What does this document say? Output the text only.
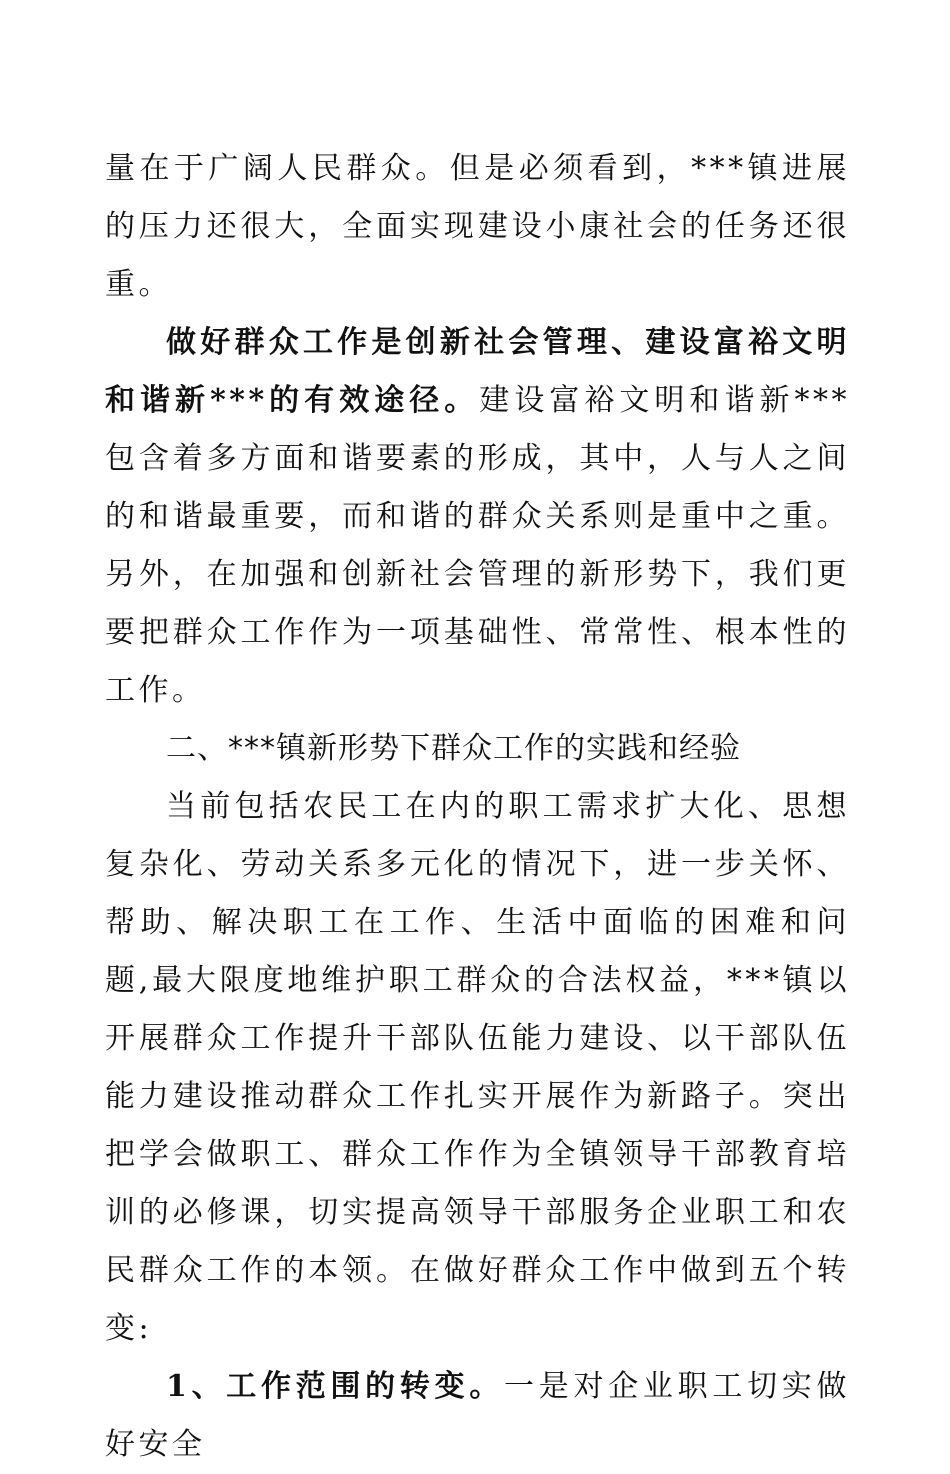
量在于广阔人民群众。但是必须看到，***镇进展的压力还很大，全面实现建设小康社会的任务还很重。

做好群众工作是创新社会管理、建设富裕文明和谐新***的有效途径。建设富裕文明和谐新***包含着多方面和谐要素的形成，其中，人与人之间的和谐最重要，而和谐的群众关系则是重中之重。另外，在加强和创新社会管理的新形势下，我们更要把群众工作作为一项基础性、常常性、根本性的工作。

二、***镇新形势下群众工作的实践和经验

当前包括农民工在内的职工需求扩大化、思想复杂化、劳动关系多元化的情况下，进一步关怀、帮助、解决职工在工作、生活中面临的困难和问题,最大限度地维护职工群众的合法权益，***镇以开展群众工作提升干部队伍能力建设、以干部队伍能力建设推动群众工作扎实开展作为新路子。突出把学会做职工、群众工作作为全镇领导干部教育培训的必修课，切实提高领导干部服务企业职工和农民群众工作的本领。在做好群众工作中做到五个转变:

1、工作范围的转变。一是对企业职工切实做好安全
